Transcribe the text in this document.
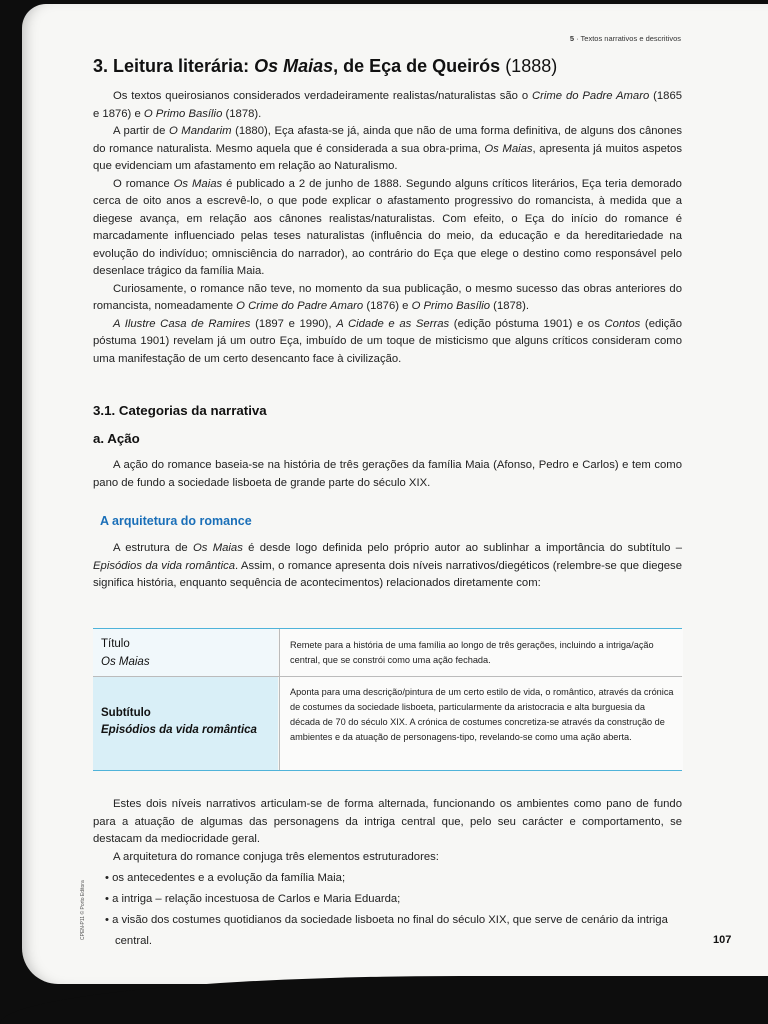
5 · Textos narrativos e descritivos
3. Leitura literária: Os Maias, de Eça de Queirós (1888)

Os textos queirosianos considerados verdadeiramente realistas/naturalistas são o Crime do Padre Amaro (1865 e 1876) e O Primo Basílio (1878).

A partir de O Mandarim (1880), Eça afasta-se já, ainda que não de uma forma definitiva, de alguns dos cânones do romance naturalista. Mesmo aquela que é considerada a sua obra-prima, Os Maias, apresenta já muitos aspetos que evidenciam um afastamento em relação ao Naturalismo.

O romance Os Maias é publicado a 2 de junho de 1888. Segundo alguns críticos literários, Eça teria demorado cerca de oito anos a escrevê-lo, o que pode explicar o afastamento progressivo do romancista, à medida que a diegese avança, em relação aos cânones realistas/naturalistas. Com efeito, o Eça do início do romance é marcadamente influenciado pelas teses naturalistas (influência do meio, da educação e da hereditariedade na evolução do indivíduo; omnisciência do narrador), ao contrário do Eça que elege o destino como responsável pelo desenlace trágico da família Maia.

Curiosamente, o romance não teve, no momento da sua publicação, o mesmo sucesso das obras anteriores do romancista, nomeadamente O Crime do Padre Amaro (1876) e O Primo Basílio (1878).

A Ilustre Casa de Ramires (1897 e 1990), A Cidade e as Serras (edição póstuma 1901) e os Contos (edição póstuma 1901) revelam já um outro Eça, imbuído de um toque de misticismo que alguns críticos consideram como uma manifestação de um certo desencanto face à civilização.

3.1. Categorias da narrativa
a. Ação

A ação do romance baseia-se na história de três gerações da família Maia (Afonso, Pedro e Carlos) e tem como pano de fundo a sociedade lisboeta de grande parte do século XIX.

A arquitetura do romance

A estrutura de Os Maias é desde logo definida pelo próprio autor ao sublinhar a importância do subtítulo – Episódios da vida romântica. Assim, o romance apresenta dois níveis narrativos/diegéticos (relembre-se que diegese significa história, enquanto sequência de acontecimentos) relacionados diretamente com:

Título
Os Maias
Remete para a história de uma família ao longo de três gerações, incluindo a intriga/ação central, que se constrói como uma ação fechada.
Subtítulo
Episódios da vida romântica
Aponta para uma descrição/pintura de um certo estilo de vida, o romântico, através da crónica de costumes da sociedade lisboeta, particularmente da aristocracia e alta burguesia da década de 70 do século XIX. A crónica de costumes concretiza-se através da construção de ambientes e da atuação de personagens-tipo, revelando-se como uma ação aberta.

Estes dois níveis narrativos articulam-se de forma alternada, funcionando os ambientes como pano de fundo para a atuação de algumas das personagens da intriga central que, pelo seu carácter e comportamento, se destacam da mediocridade geral.

A arquitetura do romance conjuga três elementos estruturadores:

• os antecedentes e a evolução da família Maia;
• a intriga – relação incestuosa de Carlos e Maria Eduarda;
• a visão dos costumes quotidianos da sociedade lisboeta no final do século XIX, que serve de cenário da intriga central.	107
CPEN-P11 © Porto Editora
